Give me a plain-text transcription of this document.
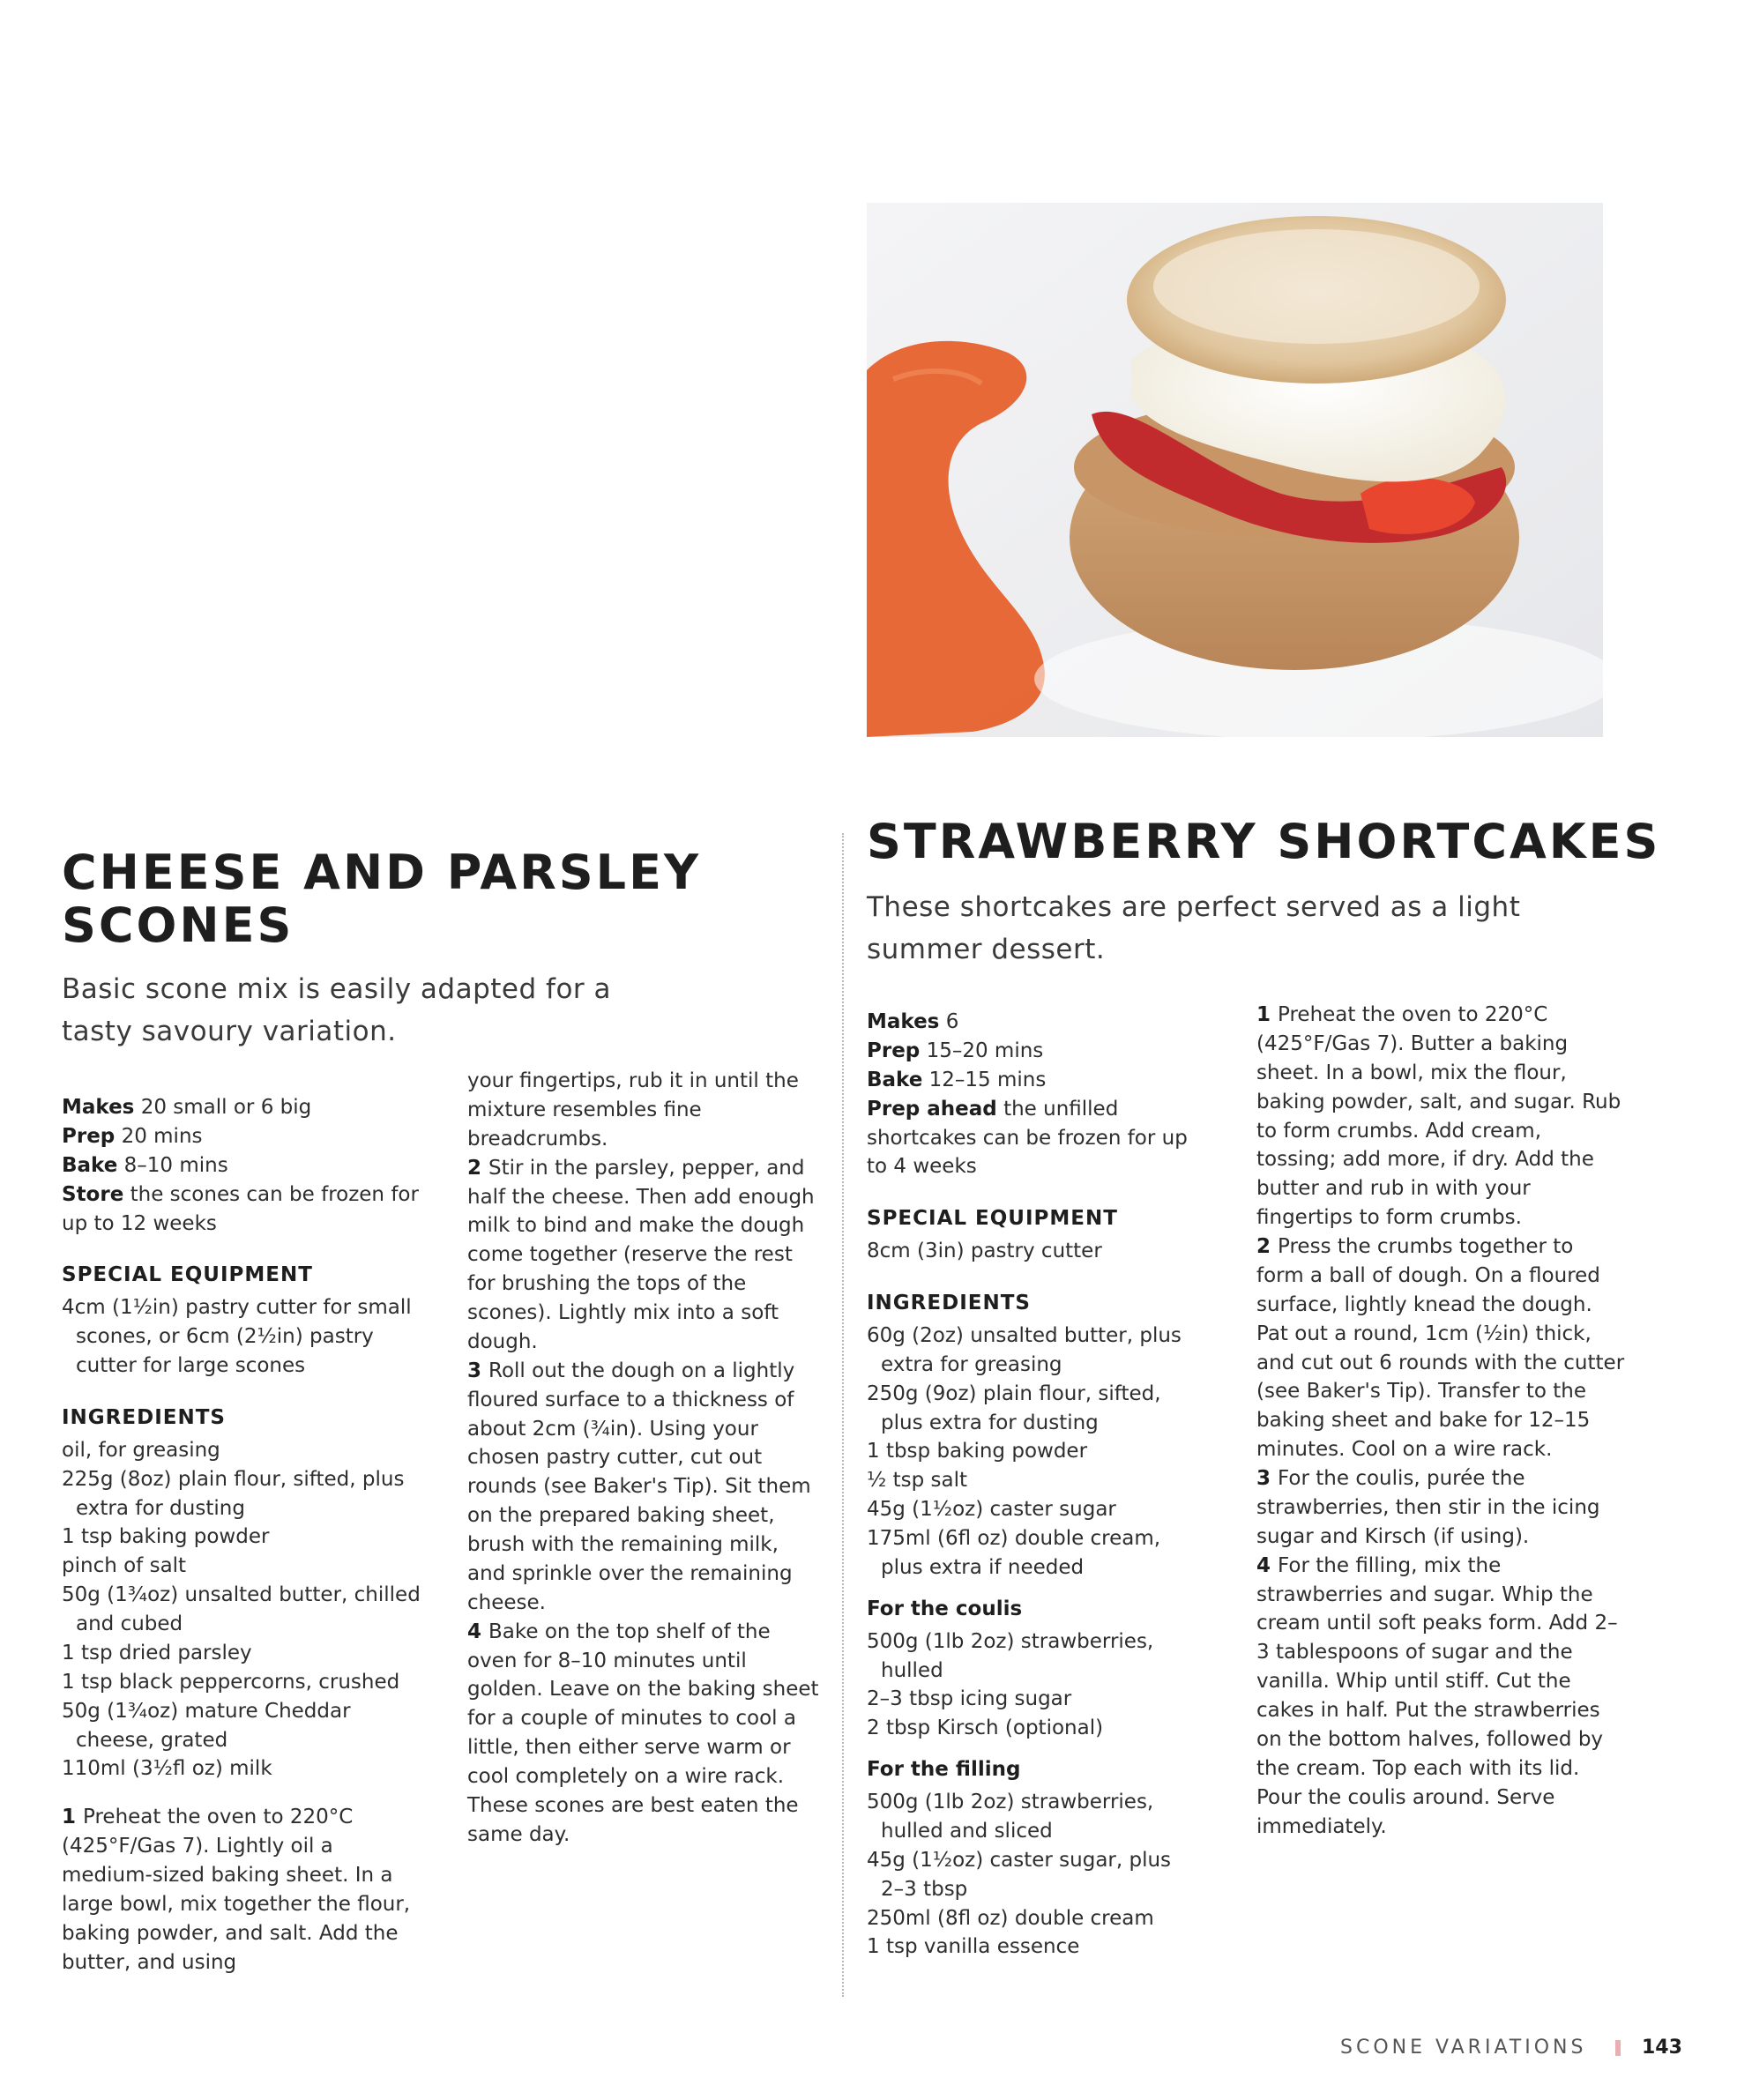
CHEESE AND PARSLEY
SCONES
Basic scone mix is easily adapted for a tasty savoury variation.

Makes 20 small or 6 big

Prep 20 mins

Bake 8–10 mins

Store the scones can be frozen for up to 12 weeks

SPECIAL EQUIPMENT

4cm (1½in) pastry cutter for small scones, or 6cm (2½in) pastry cutter for large scones

INGREDIENTS

oil, for greasing

225g (8oz) plain flour, sifted, plus extra for dusting

1 tsp baking powder

pinch of salt

50g (1¾oz) unsalted butter, chilled and cubed

1 tsp dried parsley

1 tsp black peppercorns, crushed

50g (1¾oz) mature Cheddar cheese, grated

110ml (3½fl oz) milk

1 Preheat the oven to 220°C (425°F/Gas 7). Lightly oil a medium-sized baking sheet. In a large bowl, mix together the flour, baking powder, and salt. Add the butter, and using

your fingertips, rub it in until the mixture resembles fine breadcrumbs.

2 Stir in the parsley, pepper, and half the cheese. Then add enough milk to bind and make the dough come together (reserve the rest for brushing the tops of the scones). Lightly mix into a soft dough.

3 Roll out the dough on a lightly floured surface to a thickness of about 2cm (¾in). Using your chosen pastry cutter, cut out rounds (see Baker's Tip). Sit them on the prepared baking sheet, brush with the remaining milk, and sprinkle over the remaining cheese.

4 Bake on the top shelf of the oven for 8–10 minutes until golden. Leave on the baking sheet for a couple of minutes to cool a little, then either serve warm or cool completely on a wire rack. These scones are best eaten the same day.

STRAWBERRY SHORTCAKES
These shortcakes are perfect served as a light summer dessert.

Makes 6

Prep 15–20 mins

Bake 12–15 mins

Prep ahead the unfilled shortcakes can be frozen for up to 4 weeks

SPECIAL EQUIPMENT

8cm (3in) pastry cutter

INGREDIENTS

60g (2oz) unsalted butter, plus extra for greasing

250g (9oz) plain flour, sifted, plus extra for dusting

1 tbsp baking powder

½ tsp salt

45g (1½oz) caster sugar

175ml (6fl oz) double cream, plus extra if needed

For the coulis

500g (1lb 2oz) strawberries, hulled

2–3 tbsp icing sugar

2 tbsp Kirsch (optional)

For the filling

500g (1lb 2oz) strawberries, hulled and sliced

45g (1½oz) caster sugar, plus 2–3 tbsp

250ml (8fl oz) double cream

1 tsp vanilla essence

1 Preheat the oven to 220°C (425°F/Gas 7). Butter a baking sheet. In a bowl, mix the flour, baking powder, salt, and sugar. Rub to form crumbs. Add cream, tossing; add more, if dry. Add the butter and rub in with your fingertips to form crumbs.

2 Press the crumbs together to form a ball of dough. On a floured surface, lightly knead the dough. Pat out a round, 1cm (½in) thick, and cut out 6 rounds with the cutter (see Baker's Tip). Transfer to the baking sheet and bake for 12–15 minutes. Cool on a wire rack.

3 For the coulis, purée the strawberries, then stir in the icing sugar and Kirsch (if using).

4 For the filling, mix the strawberries and sugar. Whip the cream until soft peaks form. Add 2–3 tablespoons of sugar and the vanilla. Whip until stiff. Cut the cakes in half. Put the strawberries on the bottom halves, followed by the cream. Top each with its lid. Pour the coulis around. Serve immediately.

SCONE VARIATIONS	143
